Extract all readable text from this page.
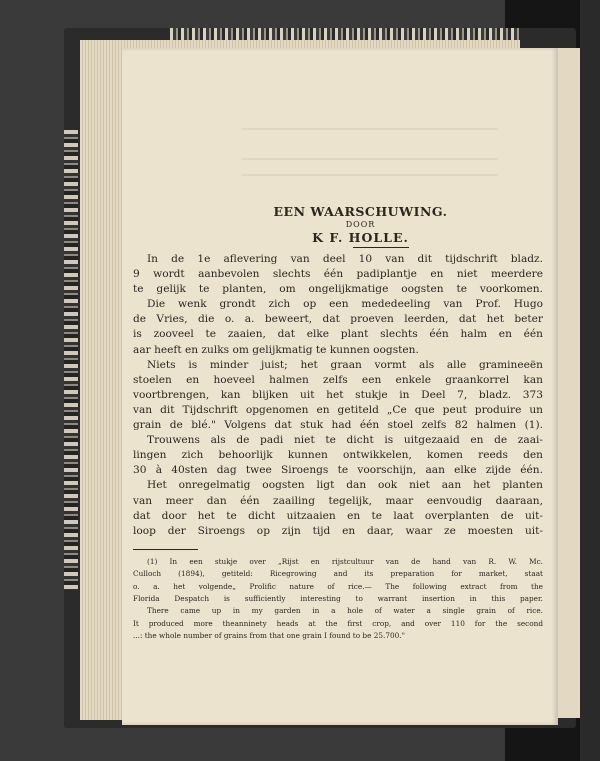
EEN WAARSCHUWING.
DOOR
K F. HOLLE.
In de 1e aflevering van deel 10 van dit tijdschrift bladz.
9 wordt aanbevolen slechts één padiplantje en niet meerdere
te gelijk te planten, om ongelijkmatige oogsten te voorkomen.
Die wenk grondt zich op een mededeeling van Prof. Hugo
de Vries, die o. a. beweert, dat proeven leerden, dat het beter
is zooveel te zaaien, dat elke plant slechts één halm en één
aar heeft en zulks om gelijkmatig te kunnen oogsten.
Niets is minder juist; het graan vormt als alle gramineeën
stoelen en hoeveel halmen zelfs een enkele graankorrel kan
voortbrengen, kan blijken uit het stukje in Deel 7, bladz. 373
van dit Tijdschrift opgenomen en getiteld „Ce que peut produire un
grain de blé." Volgens dat stuk had één stoel zelfs 82 halmen (1).
Trouwens als de padi niet te dicht is uitgezaaid en de zaai-
lingen zich behoorlijk kunnen ontwikkelen, komen reeds den
30 à 40sten dag twee Siroengs te voorschijn, aan elke zijde één.
Het onregelmatig oogsten ligt dan ook niet aan het planten
van meer dan één zaailing tegelijk, maar eenvoudig daaraan,
dat door het te dicht uitzaaien en te laat overplanten de uit-
loop der Siroengs op zijn tijd en daar, waar ze moesten uit-
(1) In een stukje over „Rijst en rijstcultuur van de hand van R. W. Mc.
Culloch (1894), getiteld: Ricegrowing and its preparation for market, staat
o. a. het volgende„ Prolific nature of rice.— The following extract from the
Florida Despatch is sufficiently interesting to warrant insertion in this paper.
There came up in my garden in a hole of water a single grain of rice.
It produced more theanninety heads at the first crop, and over 110 for the second
...: the whole number of grains from that one grain I found to be 25.700."
